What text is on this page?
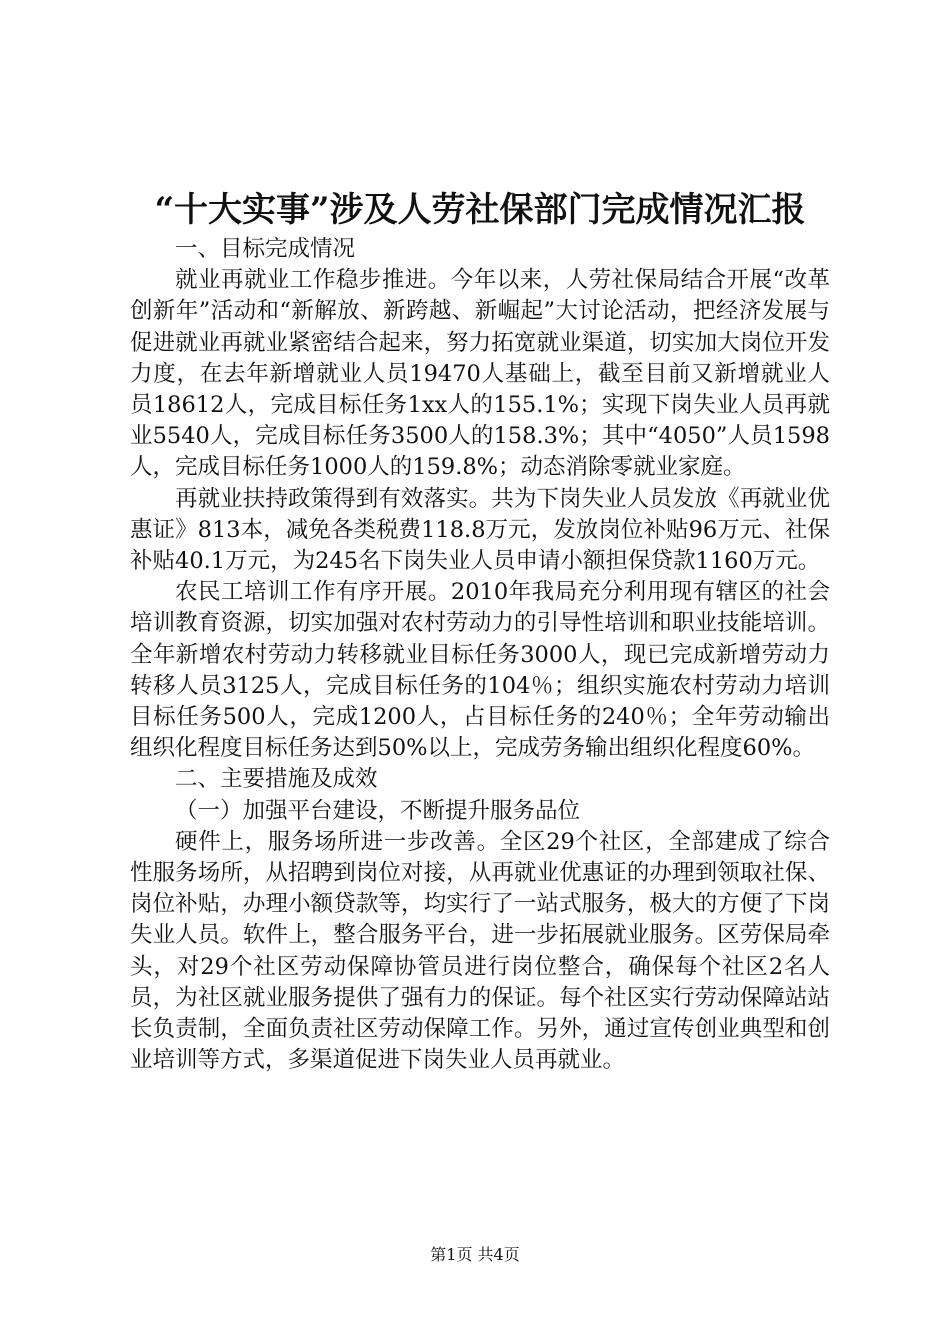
“十大实事”涉及人劳社保部门完成情况汇报

一、目标完成情况

就业再就业工作稳步推进。今年以来，人劳社保局结合开展“改革创新年”活动和“新解放、新跨越、新崛起”大讨论活动，把经济发展与促进就业再就业紧密结合起来，努力拓宽就业渠道，切实加大岗位开发力度，在去年新增就业人员19470人基础上，截至目前又新增就业人员18612人，完成目标任务1xx人的155.1%；实现下岗失业人员再就业5540人，完成目标任务3500人的158.3%；其中“4050”人员1598人，完成目标任务1000人的159.8%；动态消除零就业家庭。

再就业扶持政策得到有效落实。共为下岗失业人员发放《再就业优惠证》813本，减免各类税费118.8万元，发放岗位补贴96万元、社保补贴40.1万元，为245名下岗失业人员申请小额担保贷款1160万元。

农民工培训工作有序开展。2010年我局充分利用现有辖区的社会培训教育资源，切实加强对农村劳动力的引导性培训和职业技能培训。全年新增农村劳动力转移就业目标任务3000人，现已完成新增劳动力转移人员3125人，完成目标任务的104％；组织实施农村劳动力培训目标任务500人，完成1200人，占目标任务的240％；全年劳动输出组织化程度目标任务达到50%以上，完成劳务输出组织化程度60%。

二、主要措施及成效

（一）加强平台建设，不断提升服务品位

硬件上，服务场所进一步改善。全区29个社区，全部建成了综合性服务场所，从招聘到岗位对接，从再就业优惠证的办理到领取社保、岗位补贴，办理小额贷款等，均实行了一站式服务，极大的方便了下岗失业人员。软件上，整合服务平台，进一步拓展就业服务。区劳保局牵头，对29个社区劳动保障协管员进行岗位整合，确保每个社区2名人员，为社区就业服务提供了强有力的保证。每个社区实行劳动保障站站长负责制，全面负责社区劳动保障工作。另外，通过宣传创业典型和创业培训等方式，多渠道促进下岗失业人员再就业。

第1页 共4页
